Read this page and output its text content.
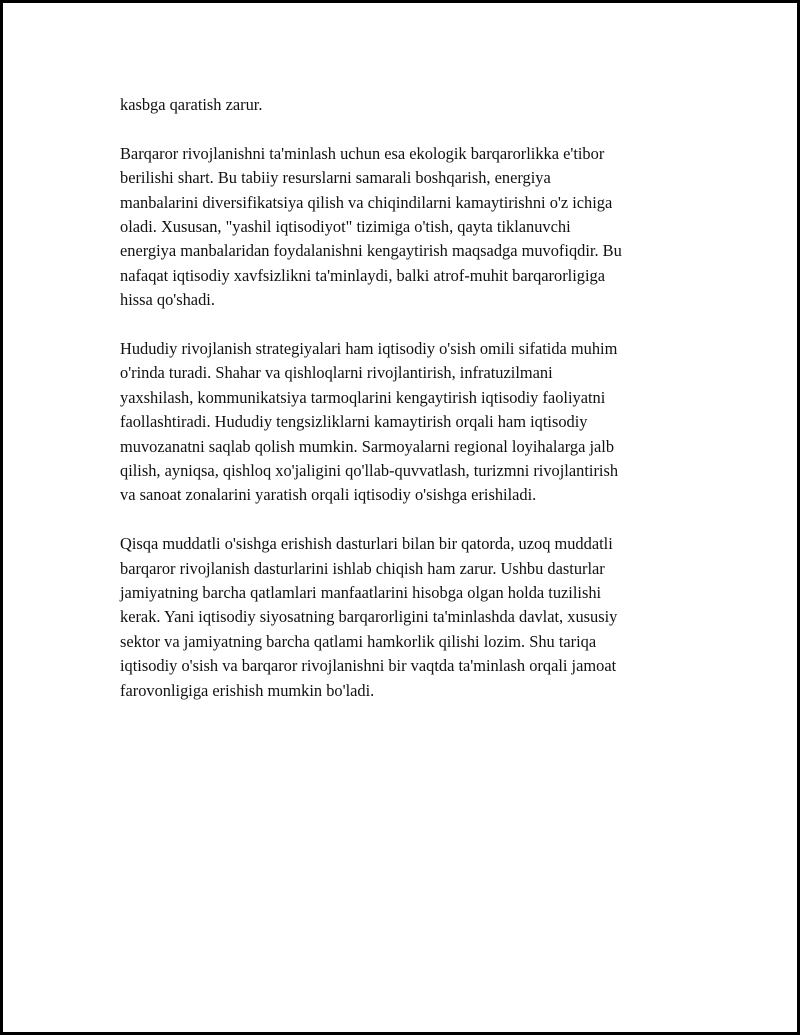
kasbga qaratish zarur.

Barqaror rivojlanishni ta'minlash uchun esa ekologik barqarorlikka e'tibor
berilishi shart. Bu tabiiy resurslarni samarali boshqarish, energiya
manbalarini diversifikatsiya qilish va chiqindilarni kamaytirishni o'z ichiga
oladi. Xususan, "yashil iqtisodiyot" tizimiga o'tish, qayta tiklanuvchi
energiya manbalaridan foydalanishni kengaytirish maqsadga muvofiqdir. Bu
nafaqat iqtisodiy xavfsizlikni ta'minlaydi, balki atrof-muhit barqarorligiga
hissa qo'shadi.

Hududiy rivojlanish strategiyalari ham iqtisodiy o'sish omili sifatida muhim
o'rinda turadi. Shahar va qishloqlarni rivojlantirish, infratuzilmani
yaxshilash, kommunikatsiya tarmoqlarini kengaytirish iqtisodiy faoliyatni
faollashtiradi. Hududiy tengsizliklarni kamaytirish orqali ham iqtisodiy
muvozanatni saqlab qolish mumkin. Sarmoyalarni regional loyihalarga jalb
qilish, ayniqsa, qishloq xo'jaligini qo'llab-quvvatlash, turizmni rivojlantirish
va sanoat zonalarini yaratish orqali iqtisodiy o'sishga erishiladi.

Qisqa muddatli o'sishga erishish dasturlari bilan bir qatorda, uzoq muddatli
barqaror rivojlanish dasturlarini ishlab chiqish ham zarur. Ushbu dasturlar
jamiyatning barcha qatlamlari manfaatlarini hisobga olgan holda tuzilishi
kerak. Yani iqtisodiy siyosatning barqarorligini ta'minlashda davlat, xususiy
sektor va jamiyatning barcha qatlami hamkorlik qilishi lozim. Shu tariqa
iqtisodiy o'sish va barqaror rivojlanishni bir vaqtda ta'minlash orqali jamoat
farovonligiga erishish mumkin bo'ladi.
